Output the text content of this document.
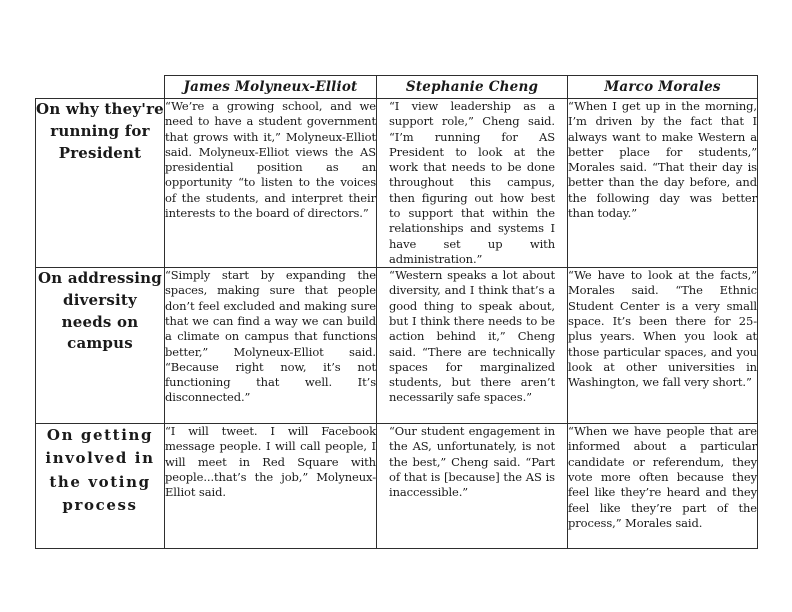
	James Molyneux-Elliot	Stephanie Cheng	Marco Morales
On why they're running for President	“We’re a growing school, and we need to have a student government that grows with it,” Molyneux-Elliot said. Molyneux-Elliot views the AS presidential position as an opportunity “to listen to the voices of the students, and interpret their interests to the board of directors.”	“I view leadership as a support role,” Cheng said. “I’m running for AS President to look at the work that needs to be done throughout this campus, then figuring out how best to support that within the relationships and systems I have set up with administration.”	“When I get up in the morning, I’m driven by the fact that I always want to make Western a better place for students,” Morales said. “That their day is better than the day before, and the following day was better than today.”
On addressing diversity needs on campus	“Simply start by expanding the spaces, making sure that people don’t feel excluded and making sure that we can find a way we can build a climate on campus that functions better,” Molyneux-Elliot said. “Because right now, it’s not functioning that well. It’s disconnected.”	“Western speaks a lot about diversity, and I think that’s a good thing to speak about, but I think there needs to be action behind it,” Cheng said. “There are technically spaces for marginalized students, but there aren’t necessarily safe spaces.”	“We have to look at the facts,” Morales said. “The Ethnic Student Center is a very small space. It’s been there for 25-plus years. When you look at those particular spaces, and you look at other universities in Washington, we fall very short.”
On getting involved in the voting process	“I will tweet. I will Facebook message people. I will call people, I will meet in Red Square with people...that’s the job,” Molyneux-Elliot said.	“Our student engagement in the AS, unfortunately, is not the best,” Cheng said. “Part of that is [because] the AS is inaccessible.”	“When we have people that are informed about a particular candidate or referendum, they vote more often because they feel like they’re heard and they feel like they’re part of the process,” Morales said.
